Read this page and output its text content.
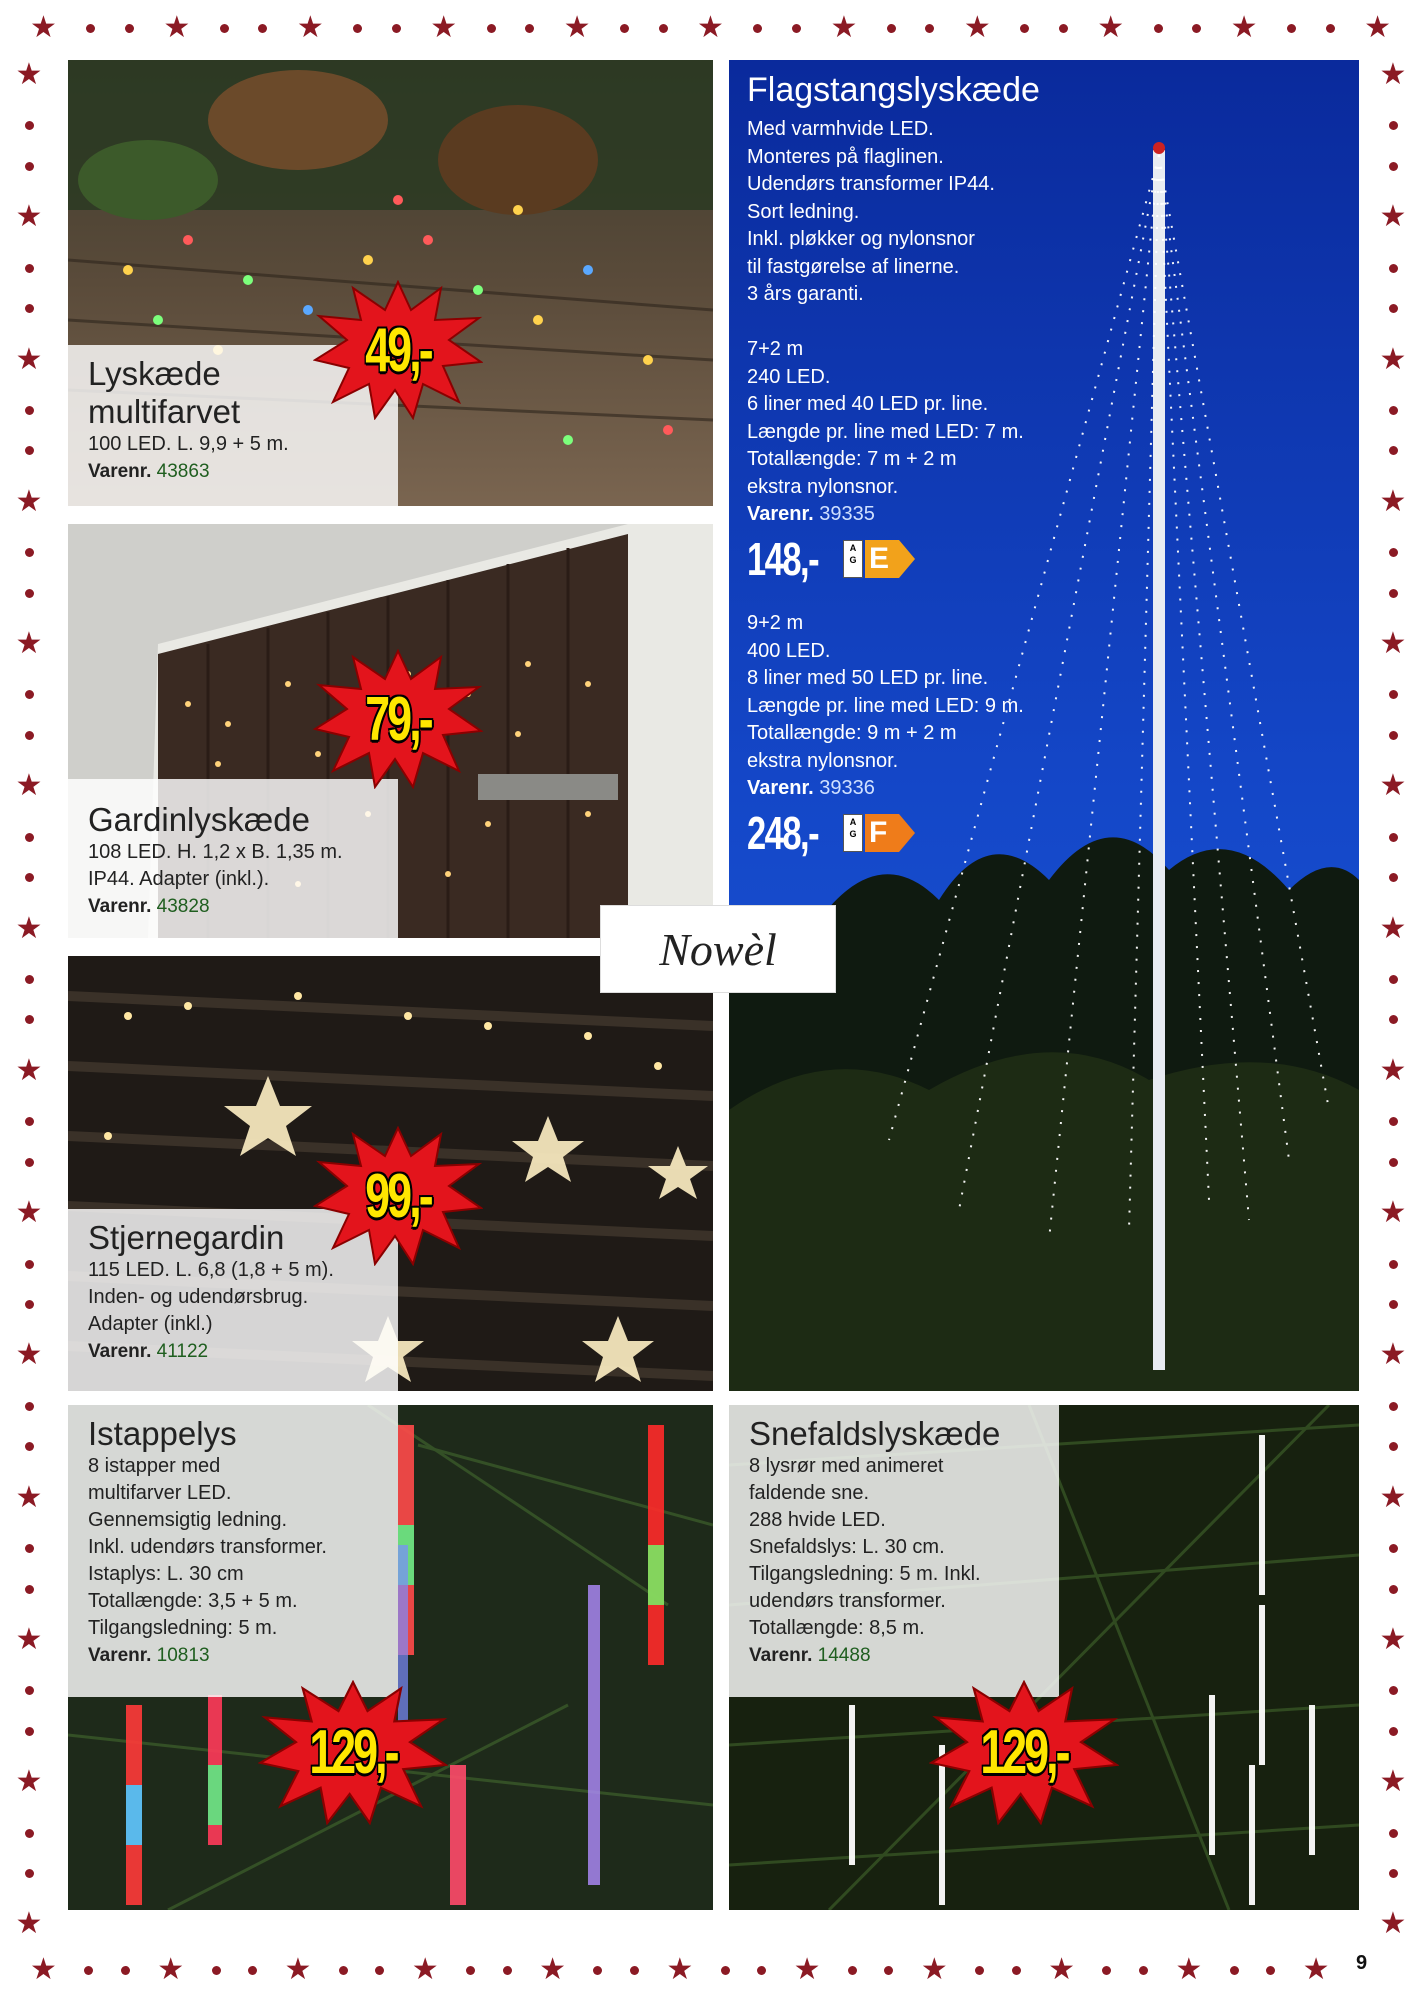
★	★	★	★	★	★	★	★	★	★	★
★	★	★	★	★	★	★	★	★	★	★
★
★
★
★
★
★
★
★
★
★
★
★
★
★
★
★
★
★
★
★
★
★
★
★
★
★
★
★
Lyskæde
multifarvet
100 LED. L. 9,9 + 5 m.
Varenr. 43863
49,-
Gardinlyskæde
108 LED. H. 1,2 x B. 1,35 m.
IP44. Adapter (inkl.).
Varenr. 43828
79,-
Stjernegardin
115 LED. L. 6,8 (1,8 + 5 m).
Inden- og udendørsbrug.
Adapter (inkl.)
Varenr. 41122
99,-
Flagstangslyskæde
Med varmhvide LED.
Monteres på flaglinen.
Udendørs transformer IP44.
Sort ledning.
Inkl. pløkker og nylonsnor
til fastgørelse af linerne.
3 års garanti.
7+2 m
240 LED.
6 liner med 40 LED pr. line.
Længde pr. line med LED: 7 m.
Totallængde: 7 m + 2 m
ekstra nylonsnor.
Varenr. 39335
148,-	A
G E
9+2 m
400 LED.
8 liner med 50 LED pr. line.
Længde pr. line med LED: 9 m.
Totallængde: 9 m + 2 m
ekstra nylonsnor.
Varenr. 39336
248,-	A
G F
Nowèl
Istappelys
8 istapper med
multifarver LED.
Gennemsigtig ledning.
Inkl. udendørs transformer.
Istaplys: L. 30 cm
Totallængde: 3,5 + 5 m.
Tilgangsledning: 5 m.
Varenr. 10813
129,-
Snefaldslyskæde
8 lysrør med animeret
faldende sne.
288 hvide LED.
Snefaldslys: L. 30 cm.
Tilgangsledning: 5 m. Inkl.
udendørs transformer.
Totallængde: 8,5 m.
Varenr. 14488
129,-
9
